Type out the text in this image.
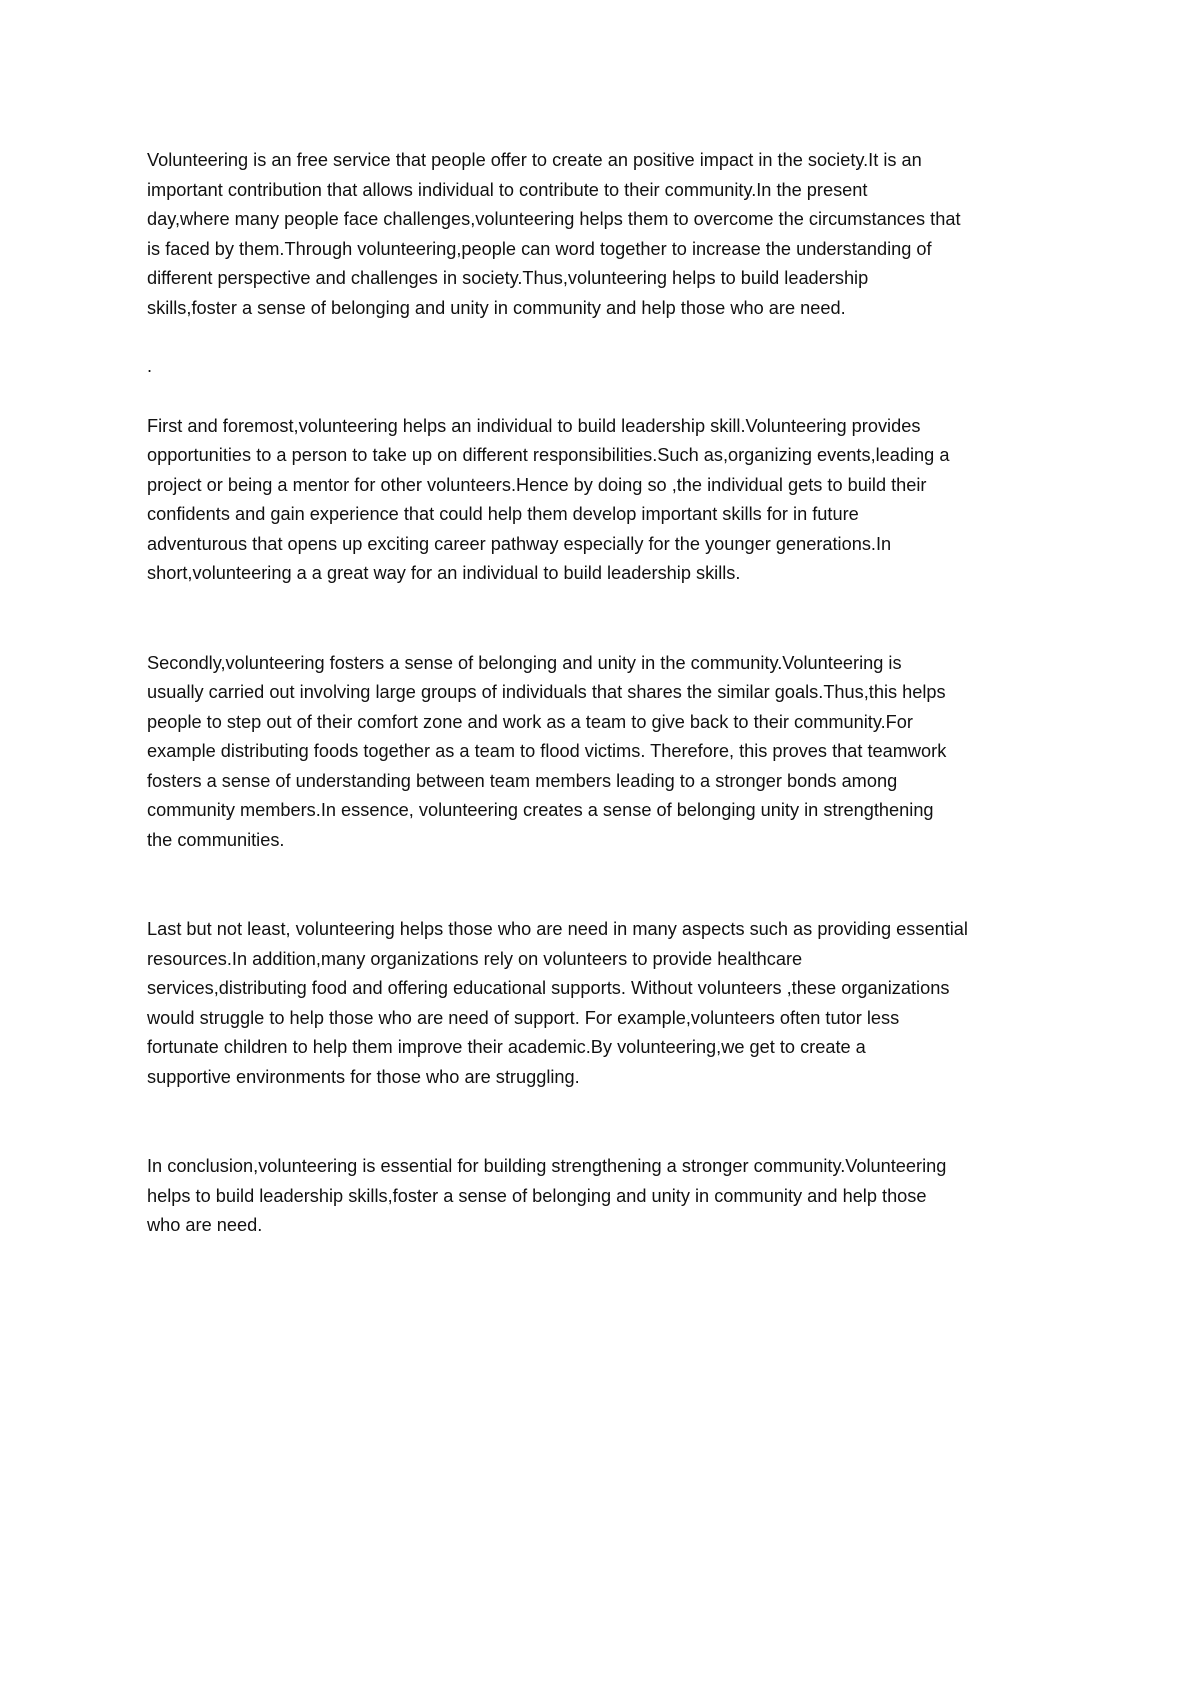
Volunteering is an free service that people offer to create an positive impact in the society.It is an
important contribution that allows individual to contribute to their community.In the present
day,where many people face challenges,volunteering helps them to overcome the circumstances that
is faced by them.Through volunteering,people can word together to increase the understanding of
different perspective and challenges in society.Thus,volunteering helps to build leadership
skills,foster a sense of belonging and unity in community and help those who are need.
.
First and foremost,volunteering helps an individual to build leadership skill.Volunteering provides
opportunities to a person to take up on different responsibilities.Such as,organizing events,leading a
project or being a mentor for other volunteers.Hence by doing so ,the individual gets to build their
confidents and gain experience that could help them develop important skills for in future
adventurous that opens up exciting career pathway especially for the younger generations.In
short,volunteering a a great way for an individual to build leadership skills.
Secondly,volunteering fosters a sense of belonging and unity in the community.Volunteering is
usually carried out involving large groups of individuals that shares the similar goals.Thus,this helps
people to step out of their comfort zone and work as a team to give back to their community.For
example distributing foods together as a team to flood victims. Therefore, this proves that teamwork
fosters a sense of understanding between team members leading to a stronger bonds among
community members.In essence, volunteering creates a sense of belonging unity in strengthening
the communities.
Last but not least, volunteering helps those who are need in many aspects such as providing essential
resources.In addition,many organizations rely on volunteers to provide healthcare
services,distributing food and offering educational supports. Without volunteers ,these organizations
would struggle to help those who are need of support. For example,volunteers often tutor less
fortunate children to help them improve their academic.By volunteering,we get to create a
supportive environments for those who are struggling.
In conclusion,volunteering is essential for building strengthening a stronger community.Volunteering
helps to build leadership skills,foster a sense of belonging and unity in community and help those
who are need.
